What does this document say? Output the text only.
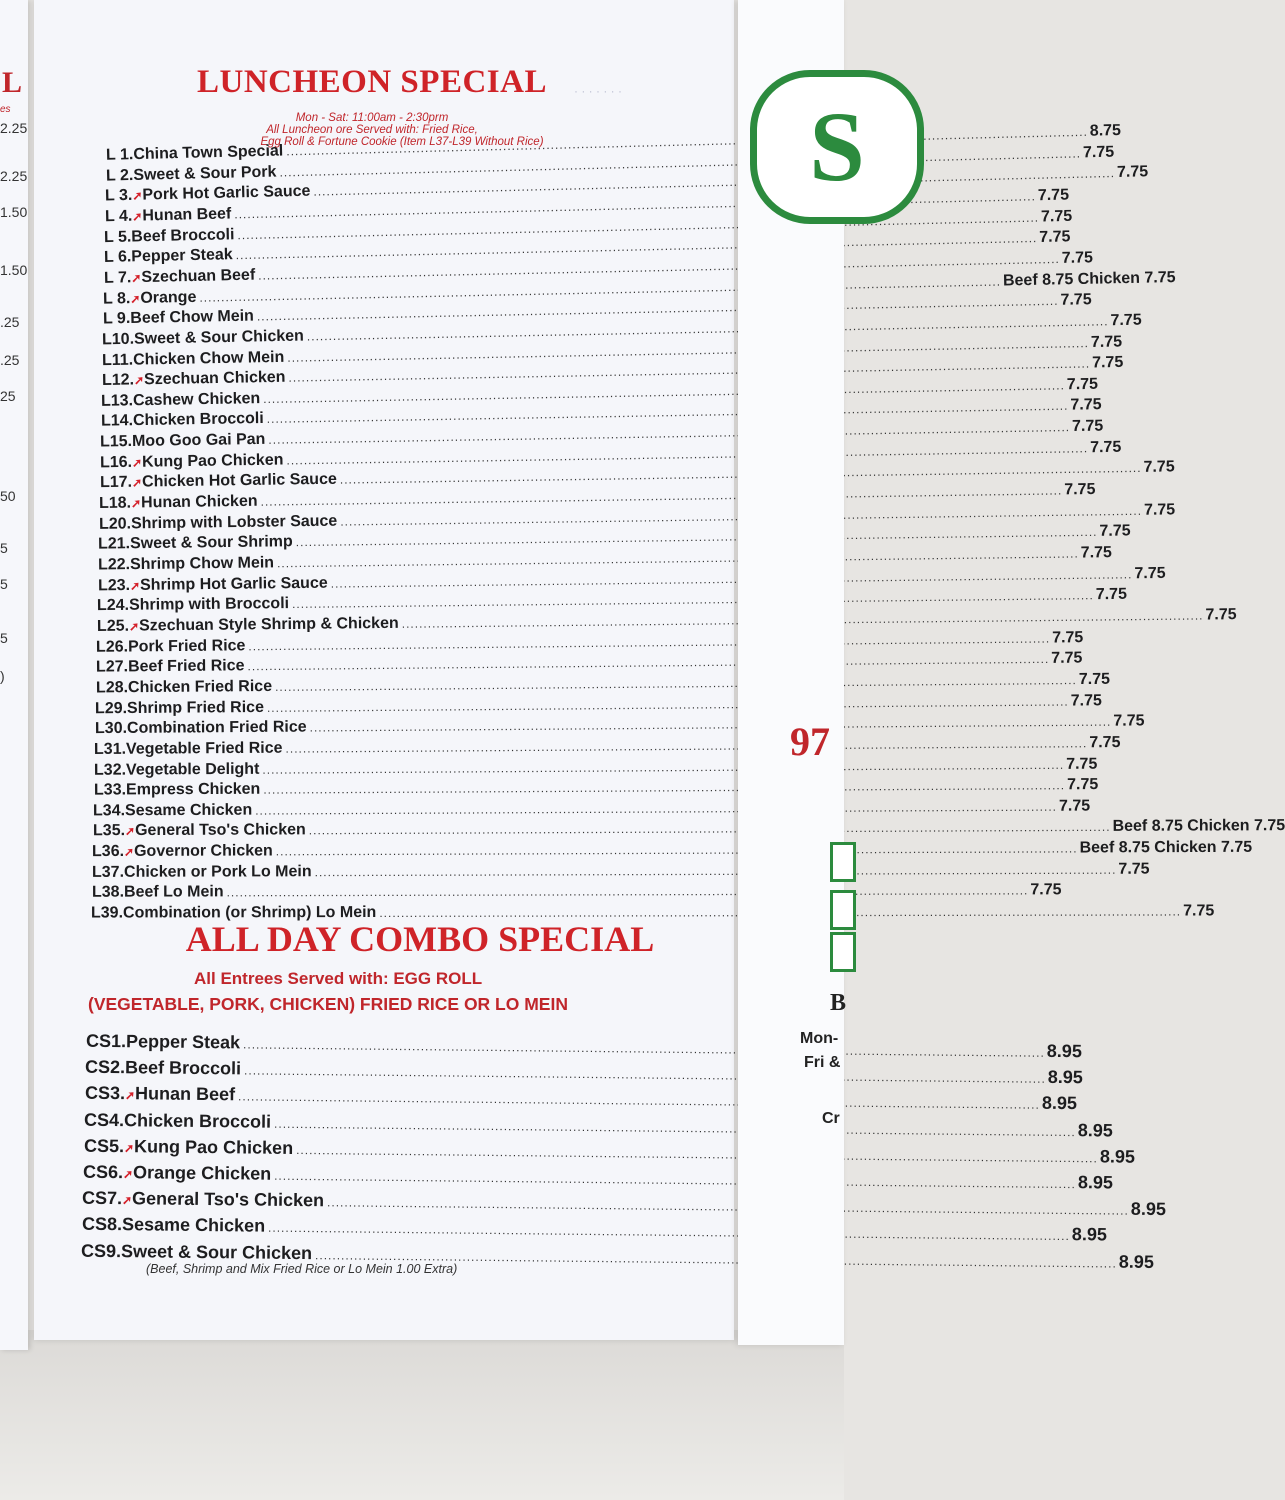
L
es
2.25
2.25
1.50
1.50
.25
.25
25
50
5
5
5
)
· · · · · · ·
LUNCHEON SPECIAL
Mon - Sat: 11:00am - 2:30prm
All Luncheon ore Served with: Fried Rice,
Egg Roll & Fortune Cookie (Item L37-L39 Without Rice)
L 1. China Town Special
.....
8.75
L 2. Sweet & Sour Pork
.....
7.75
L 3. ➚ Pork Hot Garlic Sauce
.....
7.75
L 4. ➚ Hunan Beef
.....
7.75
L 5. Beef Broccoli
.....
7.75
L 6. Pepper Steak
.....
7.75
L 7. ➚ Szechuan Beef
.....
7.75
L 8. ➚ Orange
.....
Beef 8.75 Chicken 7.75
L 9. Beef Chow Mein
.....
7.75
L10. Sweet & Sour Chicken
.....
7.75
L11. Chicken Chow Mein
.....
7.75
L12. ➚ Szechuan Chicken
.....
7.75
L13. Cashew Chicken
.....
7.75
L14. Chicken Broccoli
.....
7.75
L15. Moo Goo Gai Pan
.....
7.75
L16. ➚ Kung Pao Chicken
.....
7.75
L17. ➚ Chicken Hot Garlic Sauce
.....
7.75
L18. ➚ Hunan Chicken
.....
7.75
L20. Shrimp with Lobster Sauce
.....
7.75
L21. Sweet & Sour Shrimp
.....
7.75
L22. Shrimp Chow Mein
.....
7.75
L23. ➚ Shrimp Hot Garlic Sauce
.....
7.75
L24. Shrimp with Broccoli
.....
7.75
L25. ➚ Szechuan Style Shrimp & Chicken
.....
7.75
L26. Pork Fried Rice .....	7.75
L27. Beef Fried Rice .....	7.75
L28. Chicken Fried Rice .....	7.75
L29. Shrimp Fried Rice .....	7.75
L30. Combination Fried Rice .....	7.75
L31. Vegetable Fried Rice .....	7.75
L32. Vegetable Delight .....	7.75
L33. Empress Chicken .....	7.75
L34. Sesame Chicken .....	7.75
L35. ➚ General Tso's Chicken .....	Beef 8.75 Chicken 7.75
L36. ➚ Governor Chicken .....	Beef 8.75 Chicken 7.75
L37. Chicken or Pork Lo Mein .....	7.75
L38. Beef Lo Mein .....	7.75
L39. Combination (or Shrimp) Lo Mein .....	7.75
ALL DAY COMBO SPECIAL
All Entrees Served with: EGG ROLL
(VEGETABLE, PORK, CHICKEN) FRIED RICE OR LO MEIN
CS1. Pepper Steak .....	8.95
CS2. Beef Broccoli .....	8.95
CS3. ➚ Hunan Beef .....	8.95
CS4. Chicken Broccoli .....	8.95
CS5. ➚ Kung Pao Chicken .....	8.95
CS6. ➚ Orange Chicken .....	8.95
CS7. ➚ General Tso's Chicken .....	8.95
CS8. Sesame Chicken .....	8.95
CS9. Sweet & Sour Chicken .....	8.95
(Beef, Shrimp and Mix Fried Rice or Lo Mein 1.00 Extra)
S
97
B
Mon-
Fri &
Cr
